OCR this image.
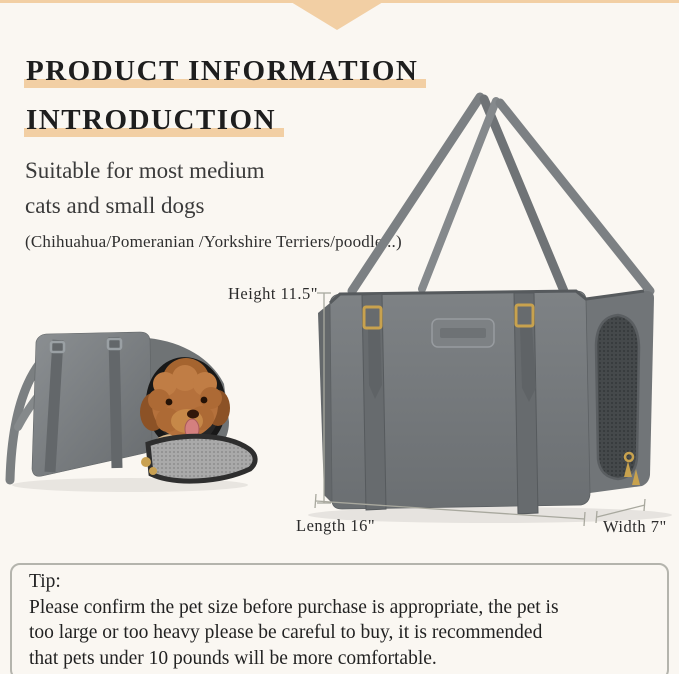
PRODUCT INFORMATION
INTRODUCTION
Suitable for most medium
cats and small dogs
(Chihuahua/Pomeranian /Yorkshire Terriers/poodle...)
Height 11.5"
Length 16"	Width 7"
Tip:
Please confirm the pet size before purchase is appropriate, the pet is
too large or too heavy please be careful to buy, it is recommended
that pets under 10 pounds will be more comfortable.
